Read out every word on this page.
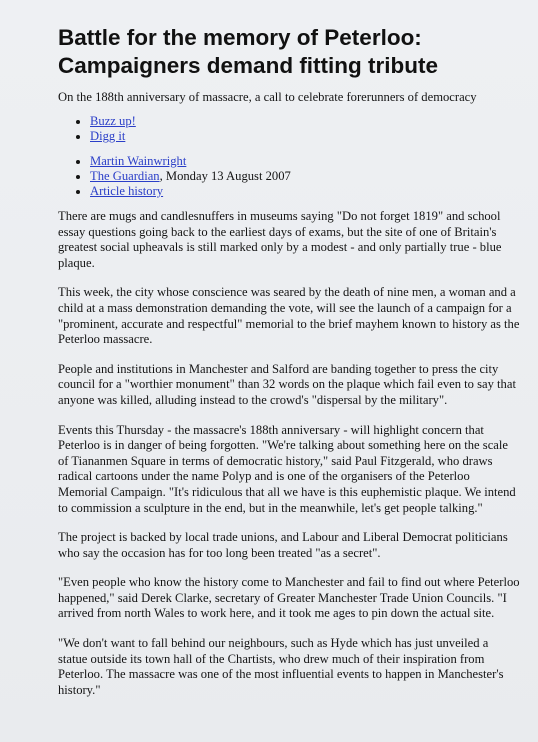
Battle for the memory of Peterloo: Campaigners demand fitting tribute

On the 188th anniversary of massacre, a call to celebrate forerunners of democracy

• Buzz up!
• Digg it
• Martin Wainwright
• The Guardian, Monday 13 August 2007
• Article history

There are mugs and candlesnuffers in museums saying "Do not forget 1819" and school essay questions going back to the earliest days of exams, but the site of one of Britain's greatest social upheavals is still marked only by a modest - and only partially true - blue plaque.

This week, the city whose conscience was seared by the death of nine men, a woman and a child at a mass demonstration demanding the vote, will see the launch of a campaign for a "prominent, accurate and respectful" memorial to the brief mayhem known to history as the Peterloo massacre.

People and institutions in Manchester and Salford are banding together to press the city council for a "worthier monument" than 32 words on the plaque which fail even to say that anyone was killed, alluding instead to the crowd's "dispersal by the military".

Events this Thursday - the massacre's 188th anniversary - will highlight concern that Peterloo is in danger of being forgotten. "We're talking about something here on the scale of Tiananmen Square in terms of democratic history," said Paul Fitzgerald, who draws radical cartoons under the name Polyp and is one of the organisers of the Peterloo Memorial Campaign. "It's ridiculous that all we have is this euphemistic plaque. We intend to commission a sculpture in the end, but in the meanwhile, let's get people talking."

The project is backed by local trade unions, and Labour and Liberal Democrat politicians who say the occasion has for too long been treated "as a secret".

"Even people who know the history come to Manchester and fail to find out where Peterloo happened," said Derek Clarke, secretary of Greater Manchester Trade Union Councils. "I arrived from north Wales to work here, and it took me ages to pin down the actual site.

"We don't want to fall behind our neighbours, such as Hyde which has just unveiled a statue outside its town hall of the Chartists, who drew much of their inspiration from Peterloo. The massacre was one of the most influential events to happen in Manchester's history."
